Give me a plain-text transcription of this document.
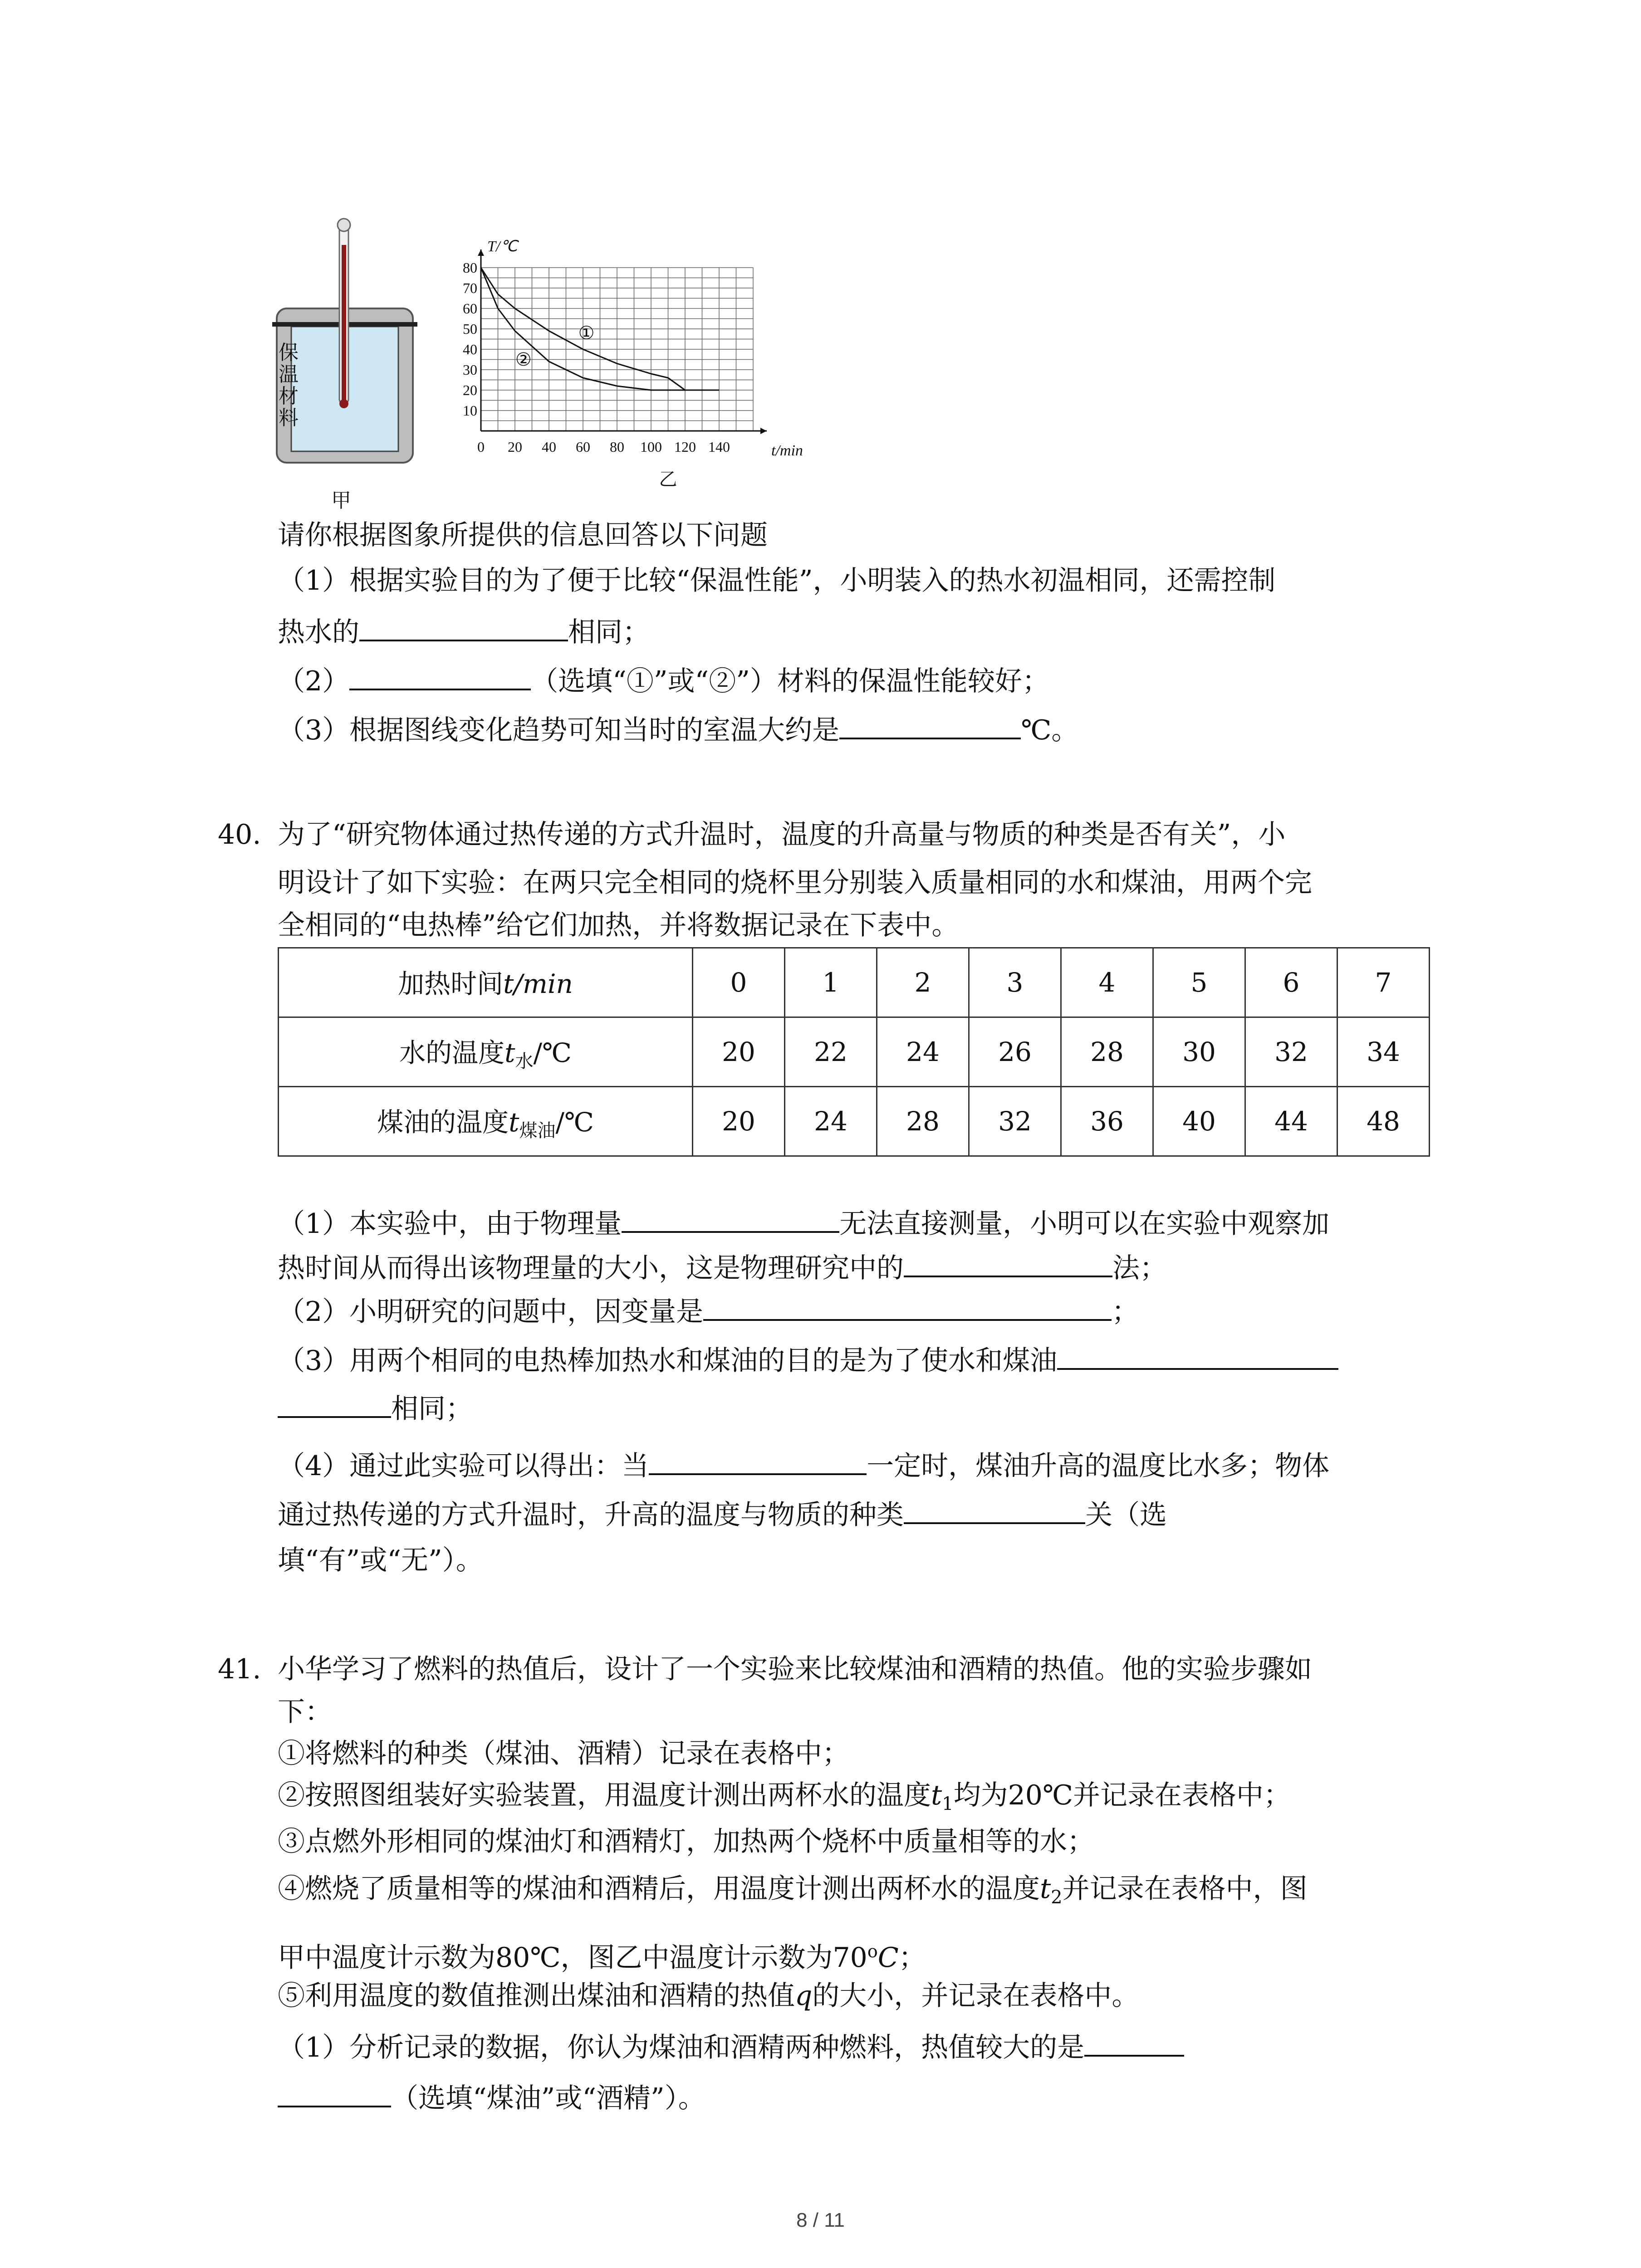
保
温
材
料
甲
0 20 40 60 80 100 120 140
10
20
30
40
50
60
70
80
T/℃
t/min
①
②
乙
请你根据图象所提供的信息回答以下问题
（1）根据实验目的为了便于比较“保温性能”，小明装入的热水初温相同，还需控制
热水的	相同；
（2）	（选填“①”或“②”）材料的保温性能较好；
（3）根据图线变化趋势可知当时的室温大约是	℃。
40. 为了“研究物体通过热传递的方式升温时，温度的升高量与物质的种类是否有关”，小
明设计了如下实验：在两只完全相同的烧杯里分别装入质量相同的水和煤油，用两个完
全相同的“电热棒”给它们加热，并将数据记录在下表中。
加热时间t/min	0	1	2	3	4	5	6	7
水的温度$t_水/℃$	20	22	24	26	28	30	32	34
煤油的温度$t_{煤油}/℃$	20	24	28	32	36	40	44	48
（1）本实验中，由于物理量	无法直接测量，小明可以在实验中观察加
热时间从而得出该物理量的大小，这是物理研究中的	法；
（2）小明研究的问题中，因变量是	；
（3）用两个相同的电热棒加热水和煤油的目的是为了使水和煤油
相同；
（4）通过此实验可以得出：当	一定时，煤油升高的温度比水多；物体
通过热传递的方式升温时，升高的温度与物质的种类	关（选
填“有”或“无”）。
41. 小华学习了燃料的热值后，设计了一个实验来比较煤油和酒精的热值。他的实验步骤如
下：
①将燃料的种类（煤油、酒精）记录在表格中；
②按照图组装好实验装置，用温度计测出两杯水的温度$t_1$均为20℃并记录在表格中；
③点燃外形相同的煤油灯和酒精灯，加热两个烧杯中质量相等的水；
④燃烧了质量相等的煤油和酒精后，用温度计测出两杯水的温度$t_2$并记录在表格中，图
甲中温度计示数为80℃，图乙中温度计示数为70$^o$C；
⑤利用温度的数值推测出煤油和酒精的热值q的大小，并记录在表格中。
（1）分析记录的数据，你认为煤油和酒精两种燃料，热值较大的是
（选填“煤油”或“酒精”）。
8 / 11
